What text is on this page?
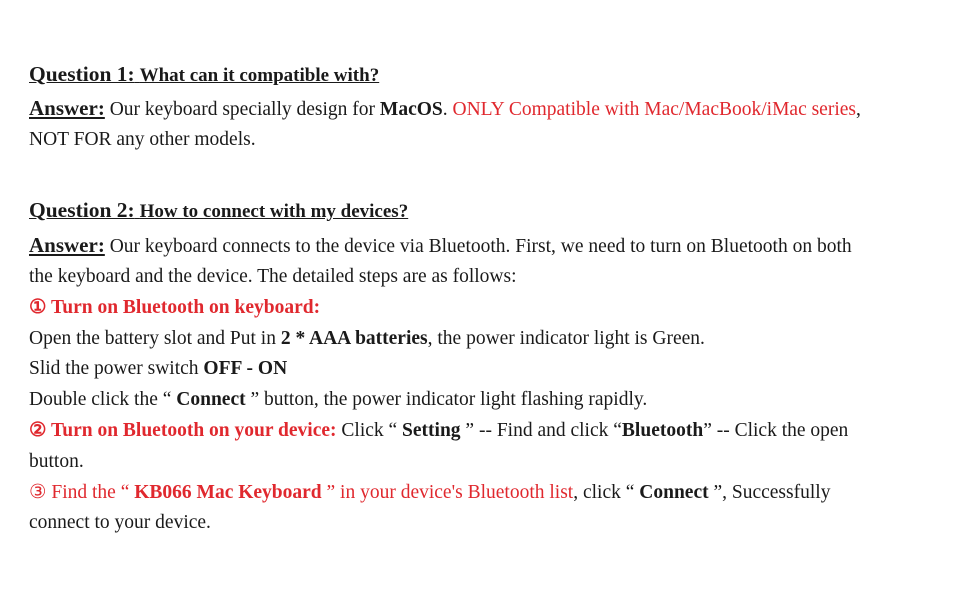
Question 1: What can it compatible with?
Answer: Our keyboard specially design for MacOS. ONLY Compatible with Mac/MacBook/iMac series,
NOT FOR any other models.
Question 2: How to connect with my devices?
Answer: Our keyboard connects to the device via Bluetooth. First, we need to turn on Bluetooth on both
the keyboard and the device. The detailed steps are as follows:
① Turn on Bluetooth on keyboard:
Open the battery slot and Put in 2 * AAA batteries, the power indicator light is Green.
Slid the power switch OFF - ON
Double click the “ Connect ” button, the power indicator light flashing rapidly.
② Turn on Bluetooth on your device: Click “ Setting ” -- Find and click “Bluetooth” -- Click the open
button.
③ Find the “ KB066 Mac Keyboard ” in your device's Bluetooth list, click “ Connect ”, Successfully
connect to your device.
